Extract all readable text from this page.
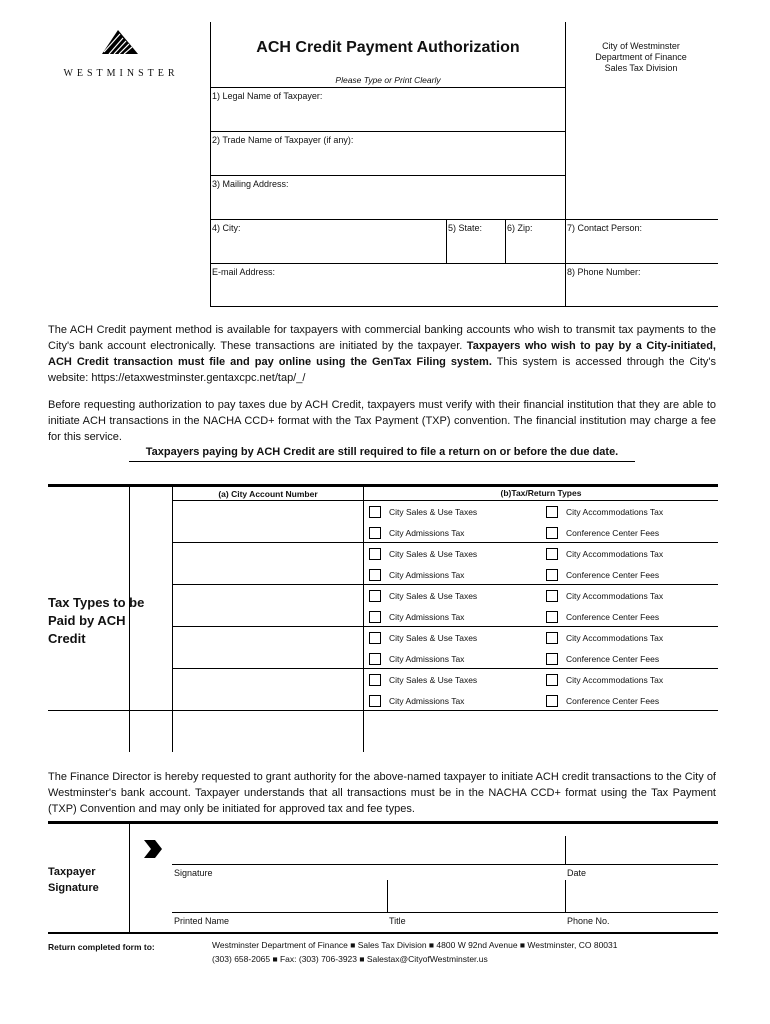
WESTMINSTER
ACH Credit Payment Authorization
Please Type or Print Clearly
City of Westminster
Department of Finance
Sales Tax Division
1) Legal Name of Taxpayer:
2) Trade Name of Taxpayer (if any):
3) Mailing Address:
4) City:	5) State:	6) Zip:	7) Contact Person:
E-mail Address:	8) Phone Number:
The ACH Credit payment method is available for taxpayers with commercial banking accounts who wish to transmit tax payments to the City's bank account electronically. These transactions are initiated by the taxpayer. Taxpayers who wish to pay by a City-initiated, ACH Credit transaction must file and pay online using the GenTax Filing system. This system is accessed through the City's website: https://etaxwestminster.gentaxcpc.net/tap/_/
Before requesting authorization to pay taxes due by ACH Credit, taxpayers must verify with their financial institution that they are able to initiate ACH transactions in the NACHA CCD+ format with the Tax Payment (TXP) convention. The financial institution may charge a fee for this service.
Taxpayers paying by ACH Credit are still required to file a return on or before the due date.
(a) City Account Number	(b)Tax/Return Types
Tax Types to be Paid by ACH Credit
City Sales & Use Taxes	City Accommodations Tax
City Admissions Tax	Conference Center Fees
City Sales & Use Taxes	City Accommodations Tax
City Admissions Tax	Conference Center Fees
City Sales & Use Taxes	City Accommodations Tax
City Admissions Tax	Conference Center Fees
City Sales & Use Taxes	City Accommodations Tax
City Admissions Tax	Conference Center Fees
City Sales & Use Taxes	City Accommodations Tax
City Admissions Tax	Conference Center Fees
The Finance Director is hereby requested to grant authority for the above-named taxpayer to initiate ACH credit transactions to the City of Westminster's bank account. Taxpayer understands that all transactions must be in the NACHA CCD+ format using the Tax Payment (TXP) Convention and may only be initiated for approved tax and fee types.
Taxpayer Signature
Signature	Date
Printed Name	Title	Phone No.
Return completed form to:	Westminster Department of Finance ■ Sales Tax Division ■ 4800 W 92nd Avenue ■ Westminster, CO 80031
(303) 658-2065 ■ Fax: (303) 706-3923 ■ Salestax@CityofWestminster.us
